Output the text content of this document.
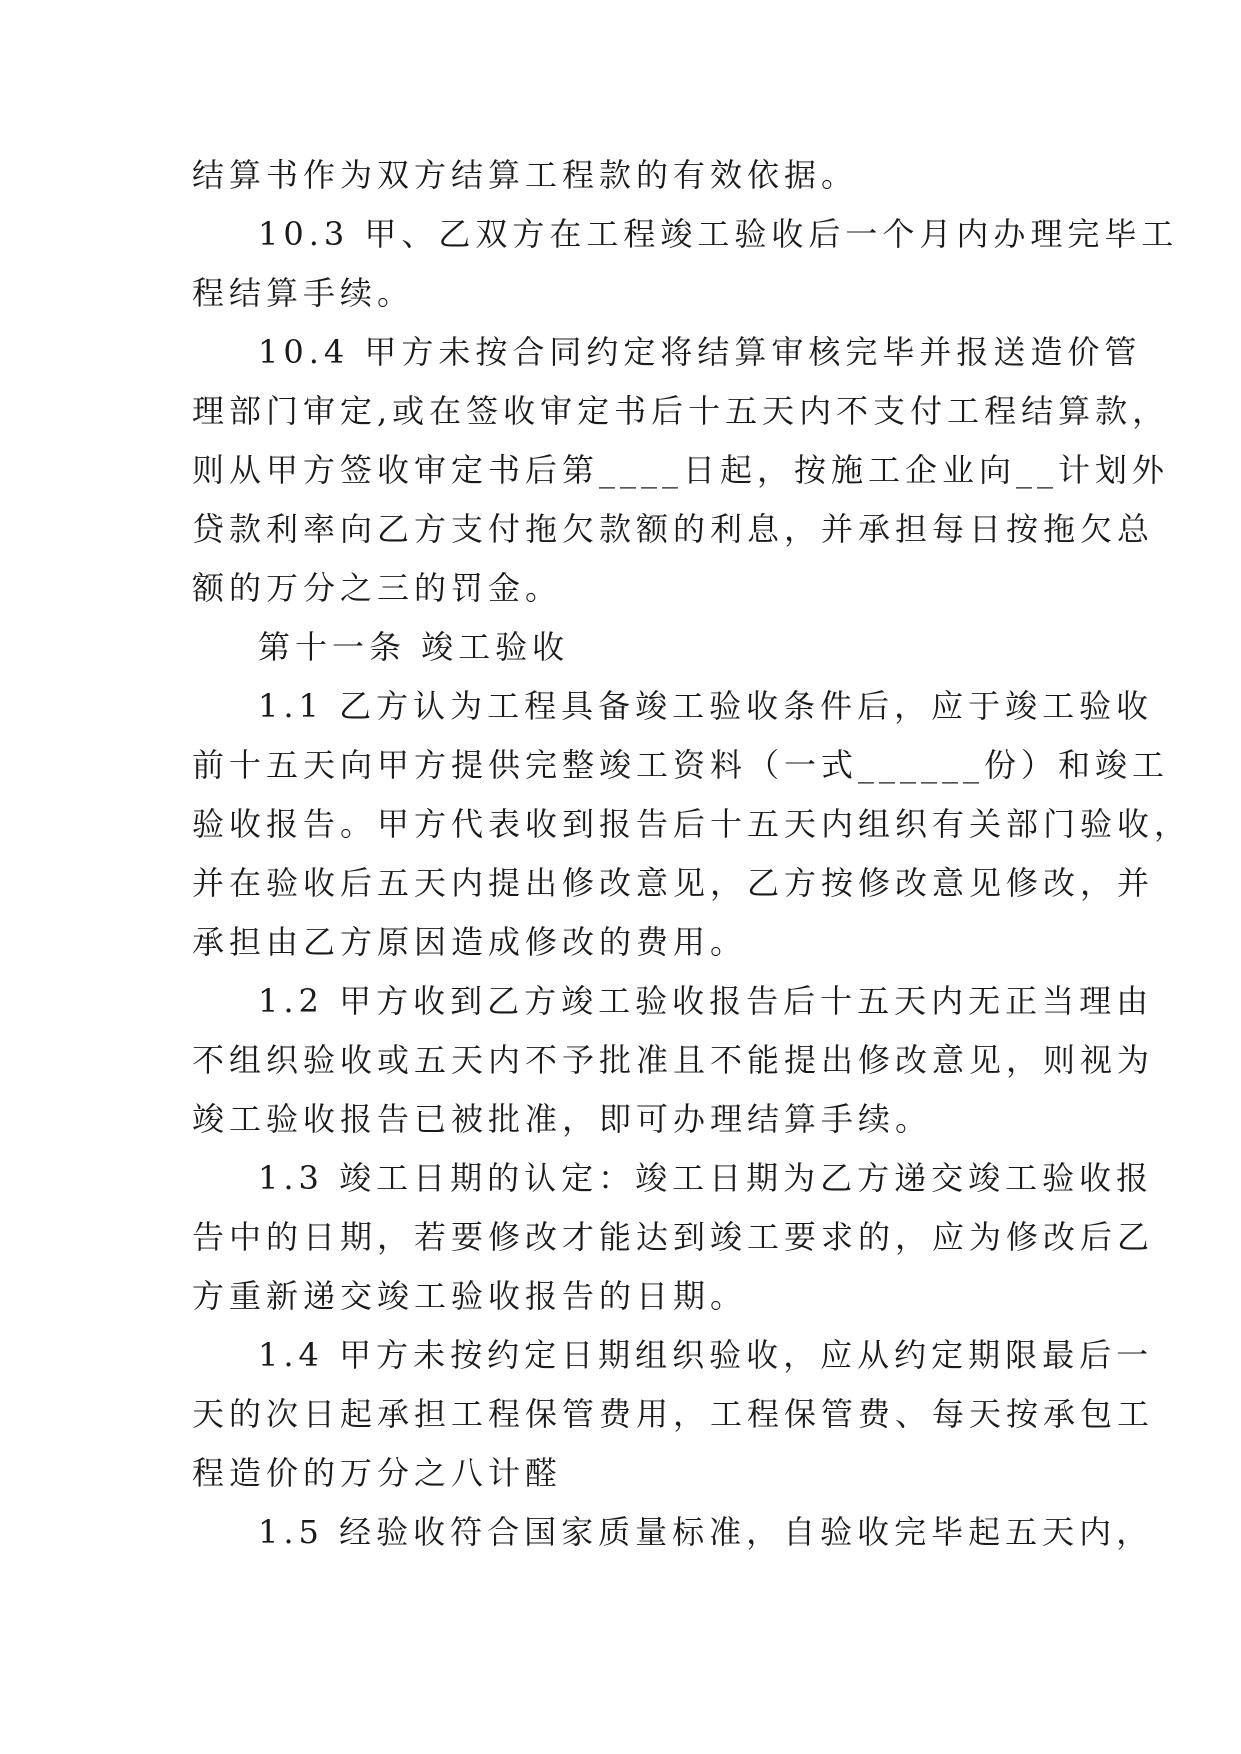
结算书作为双方结算工程款的有效依据。
10.3 甲、乙双方在工程竣工验收后一个月内办理完毕工
程结算手续。
10.4 甲方未按合同约定将结算审核完毕并报送造价管
理部门审定,或在签收审定书后十五天内不支付工程结算款，
则从甲方签收审定书后第____日起，按施工企业向__计划外
贷款利率向乙方支付拖欠款额的利息，并承担每日按拖欠总
额的万分之三的罚金。
第十一条 竣工验收
1.1 乙方认为工程具备竣工验收条件后，应于竣工验收
前十五天向甲方提供完整竣工资料（一式______份）和竣工
验收报告。甲方代表收到报告后十五天内组织有关部门验收，
并在验收后五天内提出修改意见，乙方按修改意见修改，并
承担由乙方原因造成修改的费用。
1.2 甲方收到乙方竣工验收报告后十五天内无正当理由
不组织验收或五天内不予批准且不能提出修改意见，则视为
竣工验收报告已被批准，即可办理结算手续。
1.3 竣工日期的认定：竣工日期为乙方递交竣工验收报
告中的日期，若要修改才能达到竣工要求的，应为修改后乙
方重新递交竣工验收报告的日期。
1.4 甲方未按约定日期组织验收，应从约定期限最后一
天的次日起承担工程保管费用，工程保管费、每天按承包工
程造价的万分之八计醛
1.5 经验收符合国家质量标准，自验收完毕起五天内，
